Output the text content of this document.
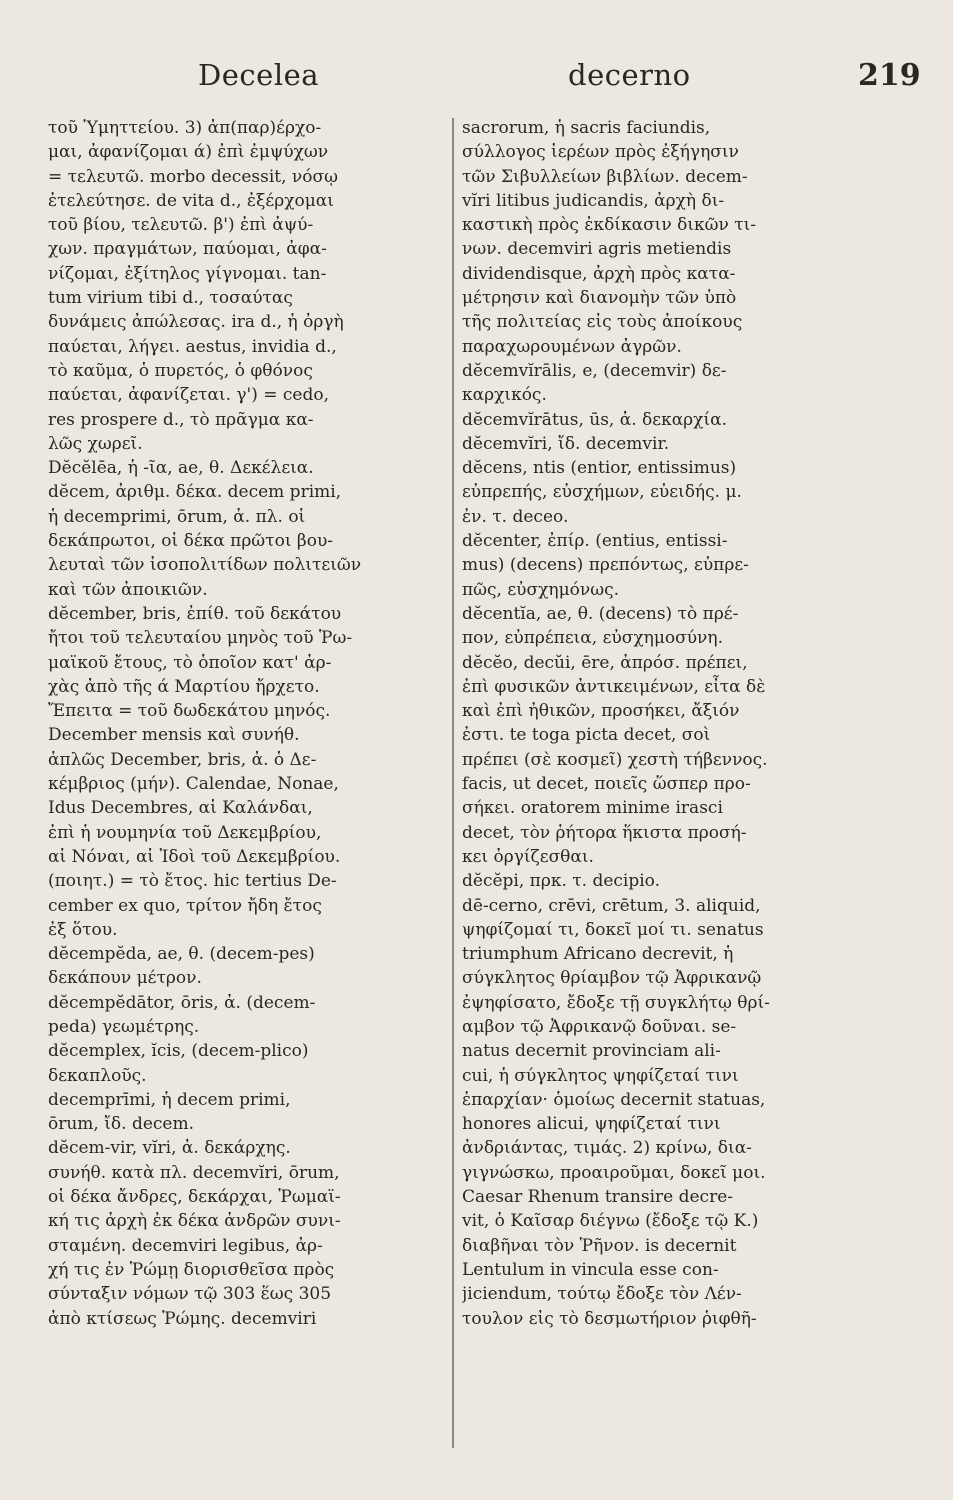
Decelea	decerno	219
τοῦ Ὑμηττείου. 3) ἀπ(παρ)έρχο-
μαι, ἀφανίζομαι ά) ἐπὶ ἐμψύχων
= τελευτῶ. morbo decessit, νόσῳ
ἐτελεύτησε. de vita d., ἐξέρχομαι
τοῦ βίου, τελευτῶ. β') ἐπὶ ἀψύ-
χων. πραγμάτων, παύομαι, ἀφα-
νίζομαι, ἐξίτηλος γίγνομαι. tan-
tum virium tibi d., τοσαύτας
δυνάμεις ἀπώλεσας. ira d., ἡ ὀργὴ
παύεται, λήγει. aestus, invidia d.,
τὸ καῦμα, ὁ πυρετός, ὁ φθόνος
παύεται, ἀφανίζεται. γ') = cedo,
res prospere d., τὸ πρᾶγμα κα-
λῶς χωρεῖ.
Dĕcĕlēa, ἡ -ῖα, ae, θ. Δεκέλεια.
dĕcem, ἀριθμ. δέκα. decem primi,
ἡ decemprimi, ōrum, ἀ. πλ. οἱ
δεκάπρωτοι, οἱ δέκα πρῶτοι βου-
λευταὶ τῶν ἰσοπολιτίδων πολιτειῶν
καὶ τῶν ἀποικιῶν.
dĕcember, bris, ἐπίθ. τοῦ δεκάτου
ἤτοι τοῦ τελευταίου μηνὸς τοῦ Ῥω-
μαϊκοῦ ἔτους, τὸ ὁποῖον κατ' ἀρ-
χὰς ἀπὸ τῆς ά Μαρτίου ἤρχετο.
Ἔπειτα = τοῦ δωδεκάτου μηνός.
December mensis καὶ συνήθ.
ἁπλῶς December, bris, ἀ. ὁ Δε-
κέμβριος (μήν). Calendae, Nonae,
Idus Decembres, αἱ Καλάνδαι,
ἐπὶ ἡ νουμηνία τοῦ Δεκεμβρίου,
αἱ Νόναι, αἱ Ἰδοὶ τοῦ Δεκεμβρίου.
(ποιητ.) = τὸ ἔτος. hic tertius De-
cember ex quo, τρίτον ἤδη ἔτος
ἐξ ὅτου.
dĕcempĕda, ae, θ. (decem-pes)
δεκάπουν μέτρον.
dĕcempĕdātor, ōris, ἀ. (decem-
peda) γεωμέτρης.
dĕcemplex, ĭcis, (decem-plico)
δεκαπλοῦς.
decemprīmi, ἡ decem primi,
ōrum, ἴδ. decem.
dĕcem-vir, vĭri, ἀ. δεκάρχης.
συνήθ. κατὰ πλ. decemvĭri, ōrum,
οἱ δέκα ἄνδρες, δεκάρχαι, Ῥωμαϊ-
κή τις ἀρχὴ ἐκ δέκα ἀνδρῶν συνι-
σταμένη. decemviri legibus, ἀρ-
χή τις ἐν Ῥώμῃ διορισθεῖσα πρὸς
σύνταξιν νόμων τῷ 303 ἕως 305
ἀπὸ κτίσεως Ῥώμης. decemviri
sacrorum, ἡ sacris faciundis,
σύλλογος ἱερέων πρὸς ἐξήγησιν
τῶν Σιβυλλείων βιβλίων. decem-
vĭri litibus judicandis, ἀρχὴ δι-
καστικὴ πρὸς ἐκδίκασιν δικῶν τι-
νων. decemviri agris metiendis
dividendisque, ἀρχὴ πρὸς κατα-
μέτρησιν καὶ διανομὴν τῶν ὑπὸ
τῆς πολιτείας εἰς τοὺς ἀποίκους
παραχωρουμένων ἀγρῶν.
dĕcemvĭrālis, e, (decemvir) δε-
καρχικός.
dĕcemvĭrātus, ūs, ἀ. δεκαρχία.
dĕcemvĭri, ἴδ. decemvir.
dĕcens, ntis (entior, entissimus)
εὐπρεπής, εὐσχήμων, εὐειδής. μ.
ἐν. τ. deceo.
dĕcenter, ἐπίρ. (entius, entissi-
mus) (decens) πρεπόντως, εὐπρε-
πῶς, εὐσχημόνως.
dĕcentĭa, ae, θ. (decens) τὸ πρέ-
πον, εὐπρέπεια, εὐσχημοσύνη.
dĕcĕo, decŭi, ēre, ἀπρόσ. πρέπει,
ἐπὶ φυσικῶν ἀντικειμένων, εἶτα δὲ
καὶ ἐπὶ ἠθικῶν, προσήκει, ἄξιόν
ἐστι. te toga picta decet, σοὶ
πρέπει (σὲ κοσμεῖ) χεστὴ τήβεννος.
facis, ut decet, ποιεῖς ὥσπερ προ-
σήκει. oratorem minime irasci
decet, τὸν ῥήτορα ἥκιστα προσή-
κει ὀργίζεσθαι.
dĕcĕpi, πρκ. τ. decipio.
dē-cerno, crēvi, crētum, 3. aliquid,
ψηφίζομαί τι, δοκεῖ μοί τι. senatus
triumphum Africano decrevit, ἡ
σύγκλητος θρίαμβον τῷ Ἀφρικανῷ
ἐψηφίσατο, ἔδοξε τῇ συγκλήτῳ θρί-
αμβον τῷ Ἀφρικανῷ δοῦναι. se-
natus decernit provinciam ali-
cui, ἡ σύγκλητος ψηφίζεταί τινι
ἐπαρχίαν· ὁμοίως decernit statuas,
honores alicui, ψηφίζεταί τινι
ἀνδριάντας, τιμάς. 2) κρίνω, δια-
γιγνώσκω, προαιροῦμαι, δοκεῖ μοι.
Caesar Rhenum transire decre-
vit, ὁ Καῖσαρ διέγνω (ἔδοξε τῷ Κ.)
διαβῆναι τὸν Ῥῆνον. is decernit
Lentulum in vincula esse con-
jiciendum, τούτῳ ἔδοξε τὸν Λέν-
τουλον εἰς τὸ δεσμωτήριον ῥιφθῆ-
